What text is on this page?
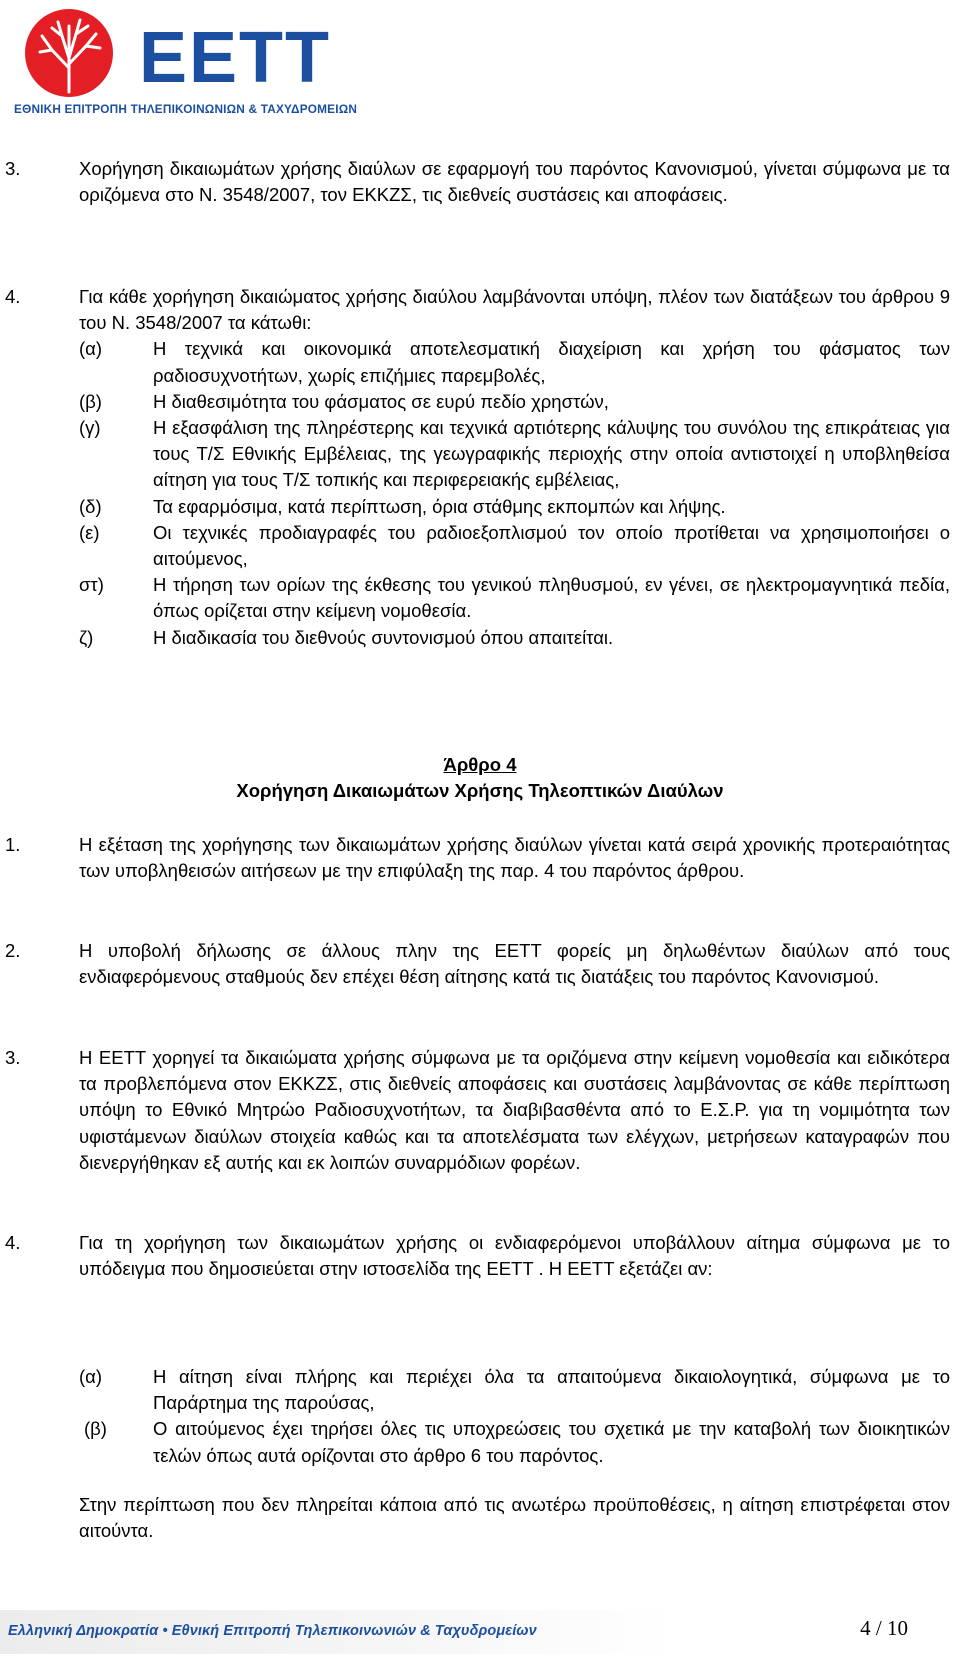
ΕΕΤΤ
ΕΘΝΙΚΗ ΕΠΙΤΡΟΠΗ ΤΗΛΕΠΙΚΟΙΝΩΝΙΩΝ & ΤΑΧΥΔΡΟΜΕΙΩΝ
3.	Χορήγηση δικαιωμάτων χρήσης διαύλων σε εφαρμογή του παρόντος Κανονισμού, γίνεται σύμφωνα με τα οριζόμενα στο Ν. 3548/2007, τον ΕΚΚΖΣ, τις διεθνείς συστάσεις και αποφάσεις.
4.	Για κάθε χορήγηση δικαιώματος χρήσης διαύλου λαμβάνονται υπόψη, πλέον των διατάξεων του άρθρου 9 του Ν. 3548/2007 τα κάτωθι:
(α)	Η τεχνικά και οικονομικά αποτελεσματική διαχείριση και χρήση του φάσματος των ραδιοσυχνοτήτων, χωρίς επιζήμιες παρεμβολές,
(β)	Η διαθεσιμότητα του φάσματος σε ευρύ πεδίο χρηστών,
(γ)	Η εξασφάλιση της πληρέστερης και τεχνικά αρτιότερης κάλυψης του συνόλου της επικράτειας για τους Τ/Σ Εθνικής Εμβέλειας, της γεωγραφικής περιοχής στην οποία αντιστοιχεί η υποβληθείσα αίτηση για τους Τ/Σ τοπικής και περιφερειακής εμβέλειας,
(δ)	Τα εφαρμόσιμα, κατά περίπτωση, όρια στάθμης εκπομπών και λήψης.
(ε)	Οι τεχνικές προδιαγραφές του ραδιοεξοπλισμού τον οποίο προτίθεται να χρησιμοποιήσει ο αιτούμενος,
στ)	Η τήρηση των ορίων της έκθεσης του γενικού πληθυσμού, εν γένει, σε ηλεκτρομαγνητικά πεδία, όπως ορίζεται στην κείμενη νομοθεσία.
ζ)	Η διαδικασία του διεθνούς συντονισμού όπου απαιτείται.
Άρθρο 4
Χορήγηση Δικαιωμάτων Χρήσης Τηλεοπτικών Διαύλων
1.	Η εξέταση της χορήγησης των δικαιωμάτων χρήσης διαύλων γίνεται κατά σειρά χρονικής προτεραιότητας των υποβληθεισών αιτήσεων με την επιφύλαξη της παρ. 4 του παρόντος άρθρου.
2.	Η υποβολή δήλωσης σε άλλους πλην της ΕΕΤΤ φορείς μη δηλωθέντων διαύλων από τους ενδιαφερόμενους σταθμούς δεν επέχει θέση αίτησης κατά τις διατάξεις του παρόντος Κανονισμού.
3.	Η ΕΕΤΤ χορηγεί τα δικαιώματα χρήσης σύμφωνα με τα οριζόμενα στην κείμενη νομοθεσία και ειδικότερα τα προβλεπόμενα στον ΕΚΚΖΣ, στις διεθνείς αποφάσεις και συστάσεις λαμβάνοντας σε κάθε περίπτωση υπόψη το Εθνικό Μητρώο Ραδιοσυχνοτήτων, τα διαβιβασθέντα από το Ε.Σ.Ρ. για τη νομιμότητα των υφιστάμενων διαύλων στοιχεία καθώς και τα αποτελέσματα των ελέγχων, μετρήσεων καταγραφών που διενεργήθηκαν εξ αυτής και εκ λοιπών συναρμόδιων φορέων.
4.	Για τη χορήγηση των δικαιωμάτων χρήσης οι ενδιαφερόμενοι υποβάλλουν αίτημα σύμφωνα με το υπόδειγμα που δημοσιεύεται στην ιστοσελίδα της ΕΕΤΤ . Η ΕΕΤΤ εξετάζει αν:
(α)	Η αίτηση είναι πλήρης και περιέχει όλα τα απαιτούμενα δικαιολογητικά, σύμφωνα με το Παράρτημα της παρούσας,
(β)	Ο αιτούμενος έχει τηρήσει όλες τις υποχρεώσεις του σχετικά με την καταβολή των διοικητικών τελών όπως αυτά ορίζονται στο άρθρο 6 του παρόντος.
Στην περίπτωση που δεν πληρείται κάποια από τις ανωτέρω προϋποθέσεις, η αίτηση επιστρέφεται στον αιτούντα.
Ελληνική Δημοκρατία • Εθνική Επιτροπή Τηλεπικοινωνιών & Ταχυδρομείων	4 / 10
